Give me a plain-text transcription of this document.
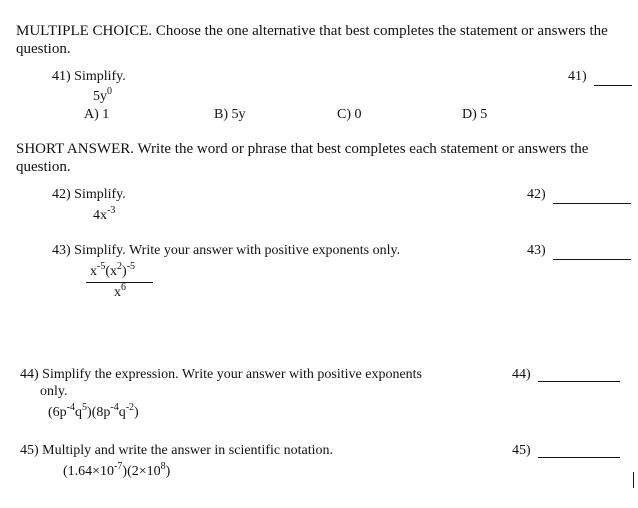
MULTIPLE CHOICE. Choose the one alternative that best completes the statement or answers the
question.
41) Simplify.
$5y^0$
41)
A) 1	B) 5y	C) 0	D) 5
SHORT ANSWER. Write the word or phrase that best completes each statement or answers the
question.
42) Simplify.
$4x^{-3}$
42)
43) Simplify. Write your answer with positive exponents only.	43)
$x^{-5}(x^2)^{-5}$
$x^6$
44) Simplify the expression. Write your answer with positive exponents
only.
44)
$(6p^{-4}q^5)(8p^{-4}q^{-2})$
45) Multiply and write the answer in scientific notation.	45)
$(1.64\times 10^{-7})(2\times 10^8)$
